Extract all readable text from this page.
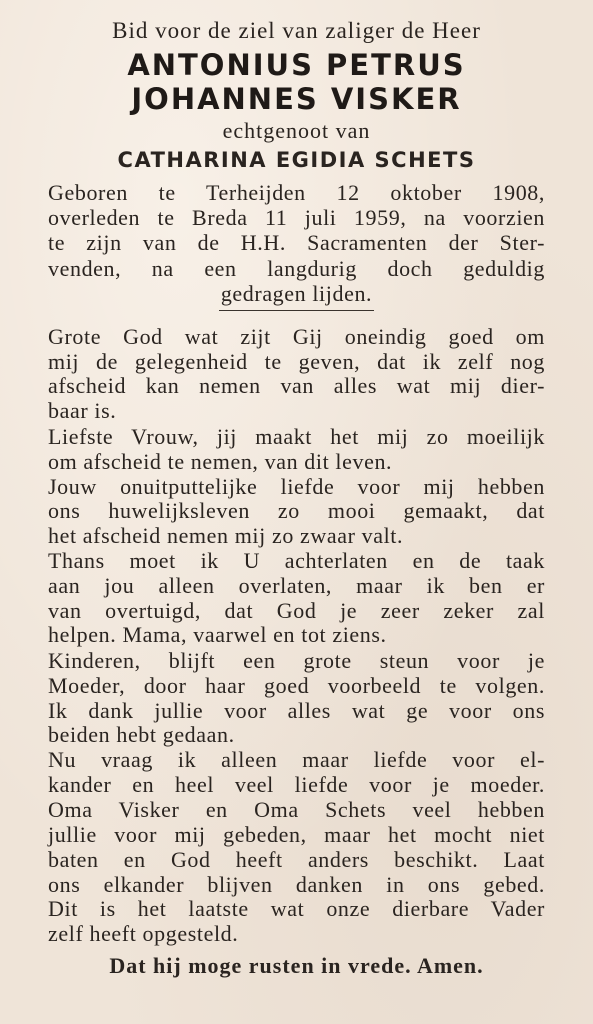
Bid voor de ziel van zaliger de Heer
ANTONIUS PETRUS
JOHANNES VISKER
echtgenoot van
CATHARINA EGIDIA SCHETS
Geboren te Terheijden 12 oktober 1908,
overleden te Breda 11 juli 1959, na voorzien
te zijn van de H.H. Sacramenten der Ster-
venden, na een langdurig doch geduldig
gedragen lijden.
Grote God wat zijt Gij oneindig goed om
mij de gelegenheid te geven, dat ik zelf nog
afscheid kan nemen van alles wat mij dier-
baar is.
Liefste Vrouw, jij maakt het mij zo moeilijk
om afscheid te nemen, van dit leven.
Jouw onuitputtelijke liefde voor mij hebben
ons huwelijksleven zo mooi gemaakt, dat
het afscheid nemen mij zo zwaar valt.
Thans moet ik U achterlaten en de taak
aan jou alleen overlaten, maar ik ben er
van overtuigd, dat God je zeer zeker zal
helpen. Mama, vaarwel en tot ziens.
Kinderen, blijft een grote steun voor je
Moeder, door haar goed voorbeeld te volgen.
Ik dank jullie voor alles wat ge voor ons
beiden hebt gedaan.
Nu vraag ik alleen maar liefde voor el-
kander en heel veel liefde voor je moeder.
Oma Visker en Oma Schets veel hebben
jullie voor mij gebeden, maar het mocht niet
baten en God heeft anders beschikt. Laat
ons elkander blijven danken in ons gebed.
Dit is het laatste wat onze dierbare Vader
zelf heeft opgesteld.
Dat hij moge rusten in vrede. Amen.
